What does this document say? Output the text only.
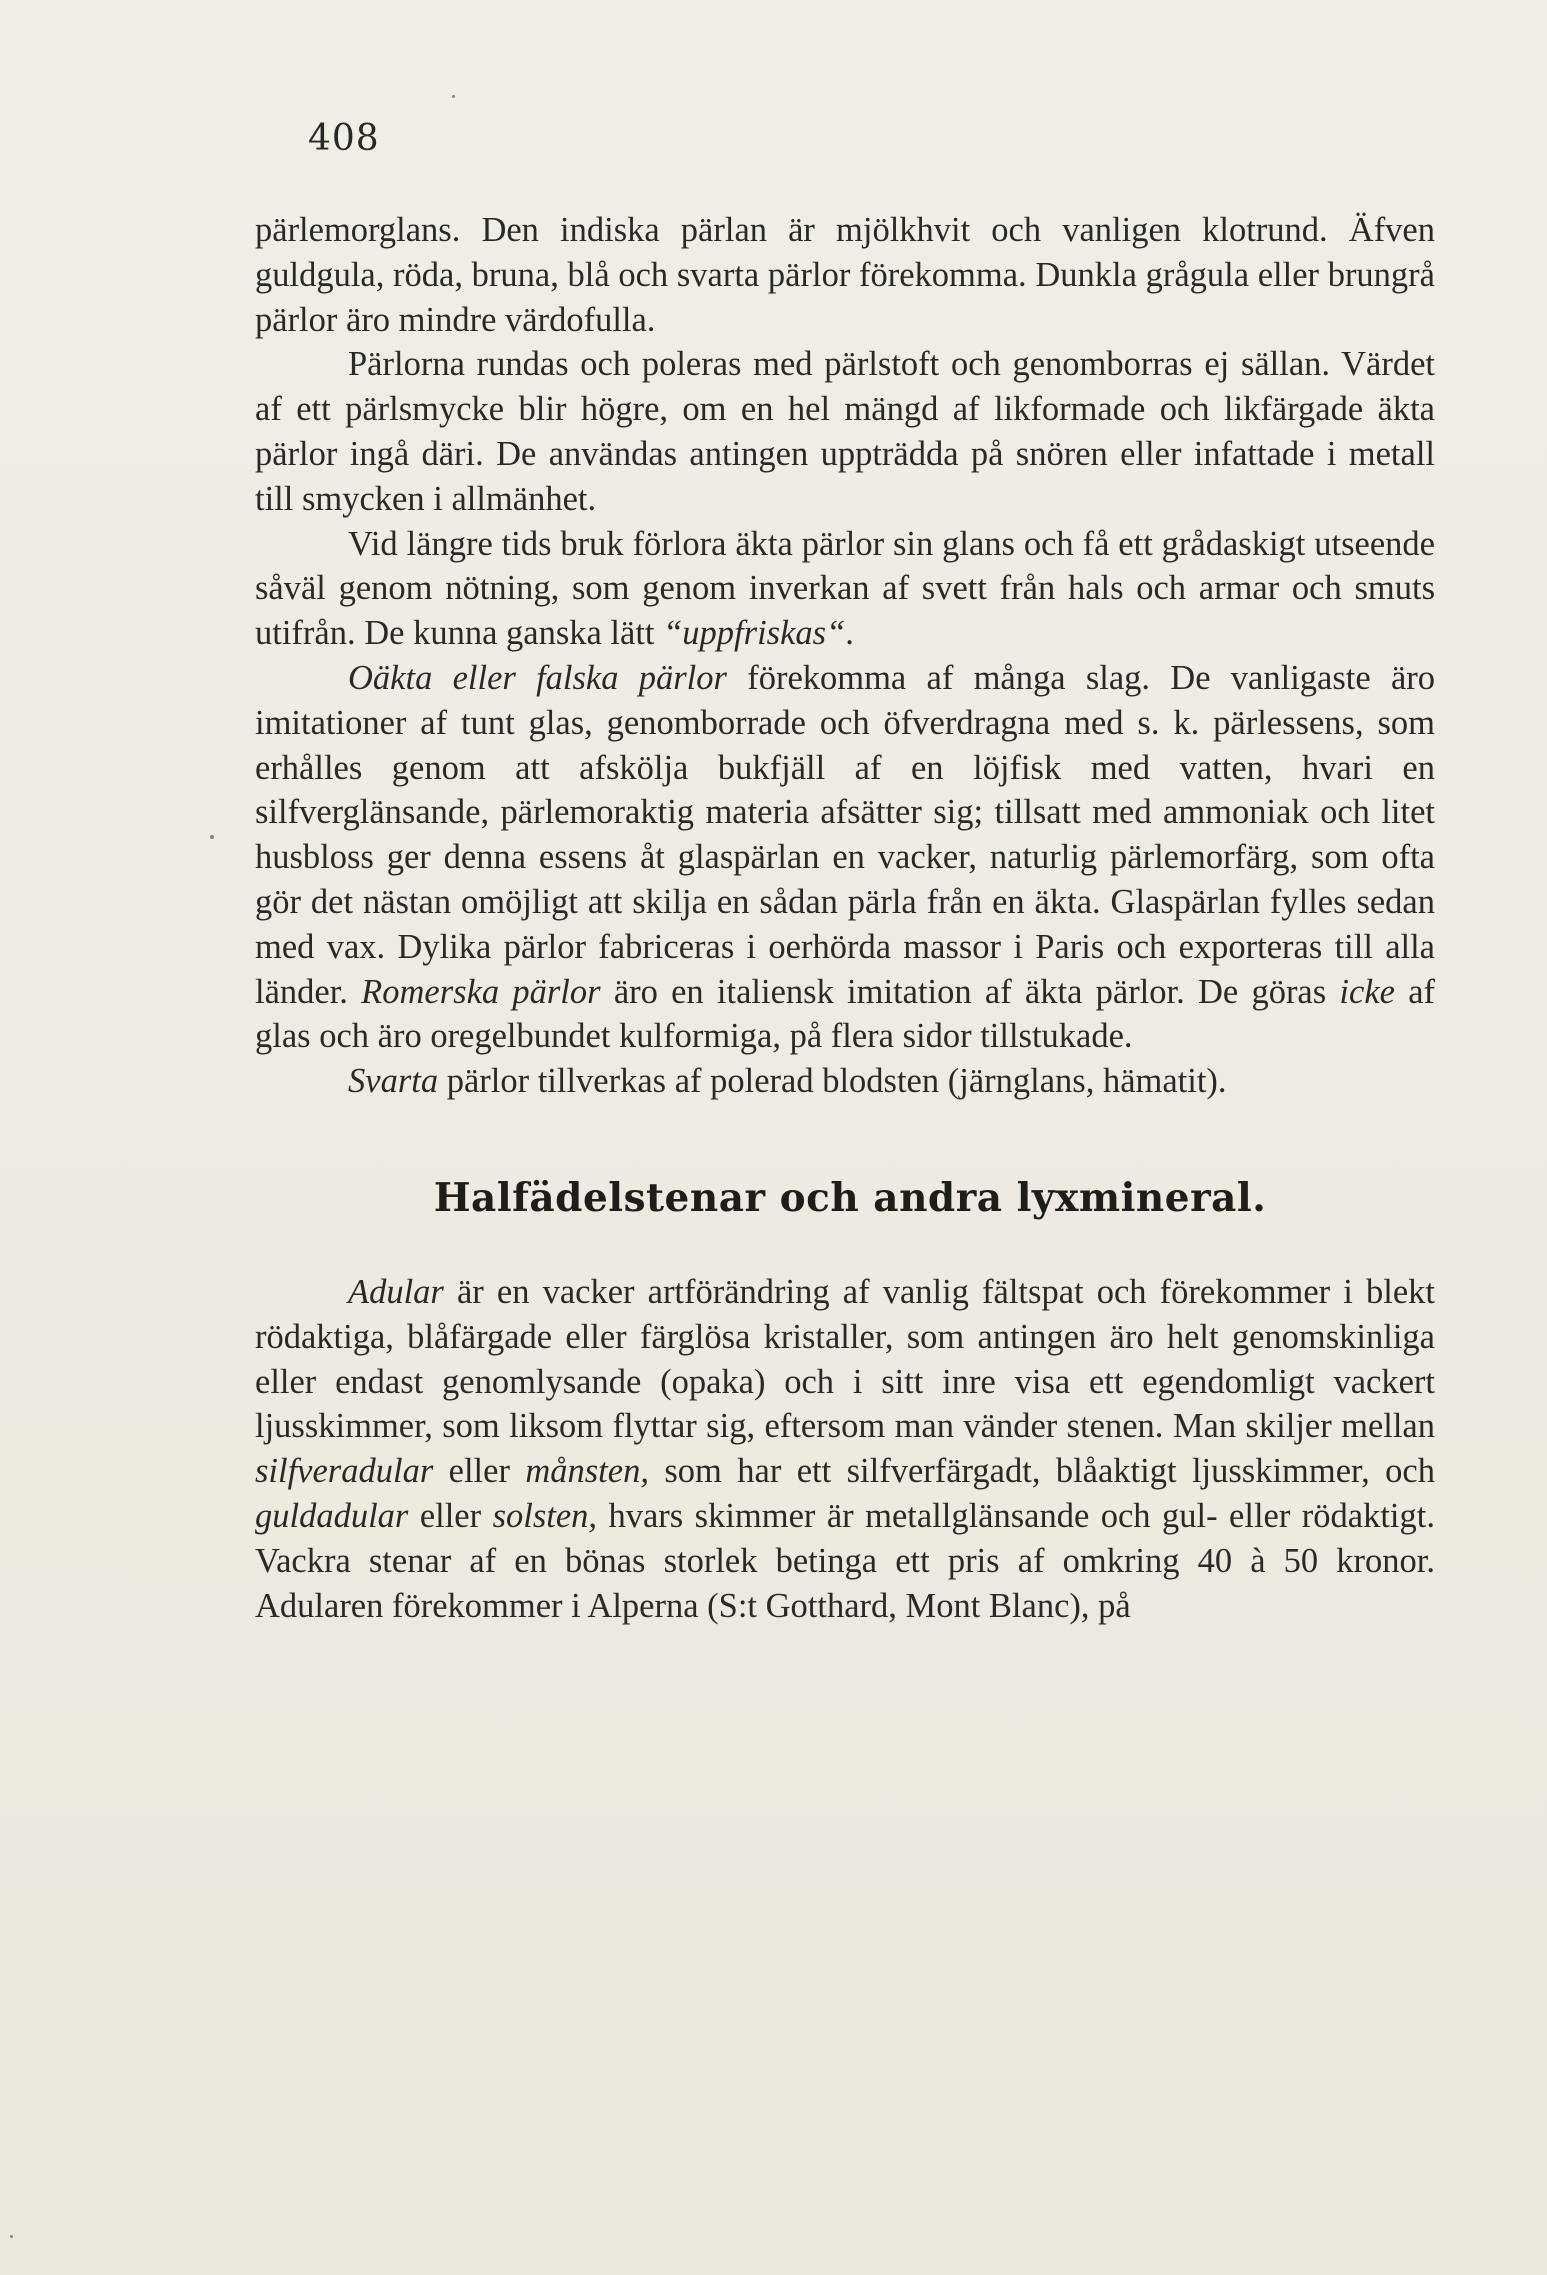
408

pärlemorglans. Den indiska pärlan är mjölkhvit och vanligen klotrund. Äfven guldgula, röda, bruna, blå och svarta pärlor förekomma. Dunkla grågula eller brungrå pärlor äro mindre värdofulla.

Pärlorna rundas och poleras med pärlstoft och genomborras ej sällan. Värdet af ett pärlsmycke blir högre, om en hel mängd af likformade och likfärgade äkta pärlor ingå däri. De användas antingen uppträdda på snören eller infattade i metall till smycken i allmänhet.

Vid längre tids bruk förlora äkta pärlor sin glans och få ett grådaskigt utseende såväl genom nötning, som genom inverkan af svett från hals och armar och smuts utifrån. De kunna ganska lätt “uppfriskas“.

Oäkta eller falska pärlor förekomma af många slag. De vanligaste äro imitationer af tunt glas, genomborrade och öfverdragna med s. k. pärlessens, som erhålles genom att afskölja bukfjäll af en löjfisk med vatten, hvari en silfverglänsande, pärlemoraktig materia afsätter sig; tillsatt med ammoniak och litet husbloss ger denna essens åt glaspärlan en vacker, naturlig pärlemorfärg, som ofta gör det nästan omöjligt att skilja en sådan pärla från en äkta. Glaspärlan fylles sedan med vax. Dylika pärlor fabriceras i oerhörda massor i Paris och exporteras till alla länder. Romerska pärlor äro en italiensk imitation af äkta pärlor. De göras icke af glas och äro oregelbundet kulformiga, på flera sidor tillstukade.

Svarta pärlor tillverkas af polerad blodsten (järnglans, hämatit).

Halfädelstenar och andra lyxmineral.

Adular är en vacker artförändring af vanlig fältspat och förekommer i blekt rödaktiga, blåfärgade eller färglösa kristaller, som antingen äro helt genomskinliga eller endast genomlysande (opaka) och i sitt inre visa ett egendomligt vackert ljusskimmer, som liksom flyttar sig, eftersom man vänder stenen. Man skiljer mellan silfveradular eller månsten, som har ett silfverfärgadt, blåaktigt ljusskimmer, och guldadular eller solsten, hvars skimmer är metallglänsande och gul- eller rödaktigt. Vackra stenar af en bönas storlek betinga ett pris af omkring 40 à 50 kronor. Adularen förekommer i Alperna (S:t Gotthard, Mont Blanc), på
